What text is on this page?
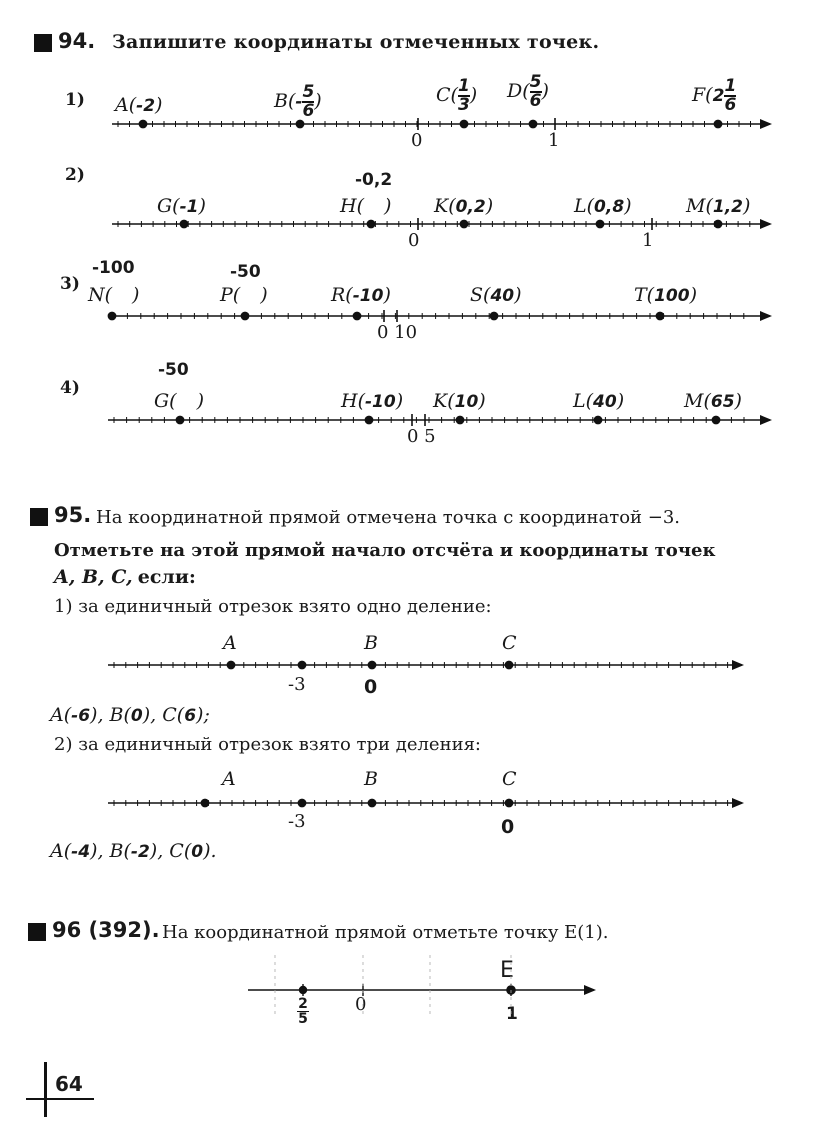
94. Запишите координаты отмеченных точек.
1) A(-2)	$B(- \frac{5}{6}$ )	$C( \frac{1}{3}$ ) $D( \frac{5}{6}$ )	$F(2 \frac{1}{6}$
0	1
2)	-0,2
G(-1)	H( ) K(0,2)	L(0,8)	M(1,2)
0	1
3)
-100	-50
N( )	P( )	R(-10)	S(40)	T(100)
0 10
4)
-50
G( )	H(-10) K(10)	L(40)	M(65)
0 5
95. На координатной прямой отмечена точка с координатой −3.
Отметьте на этой прямой начало отсчёта и координаты точек
A, B, C, если:
1) за единичный отрезок взято одно деление:
A	B	C
-3	0
A(-6), B(0), C(6);
2) за единичный отрезок взято три деления:
A	B	C
-3	0
A(-4), B(-2), C(0).
96 (392). На координатной прямой отметьте точку E(1).
E
2
5
0	1
64
